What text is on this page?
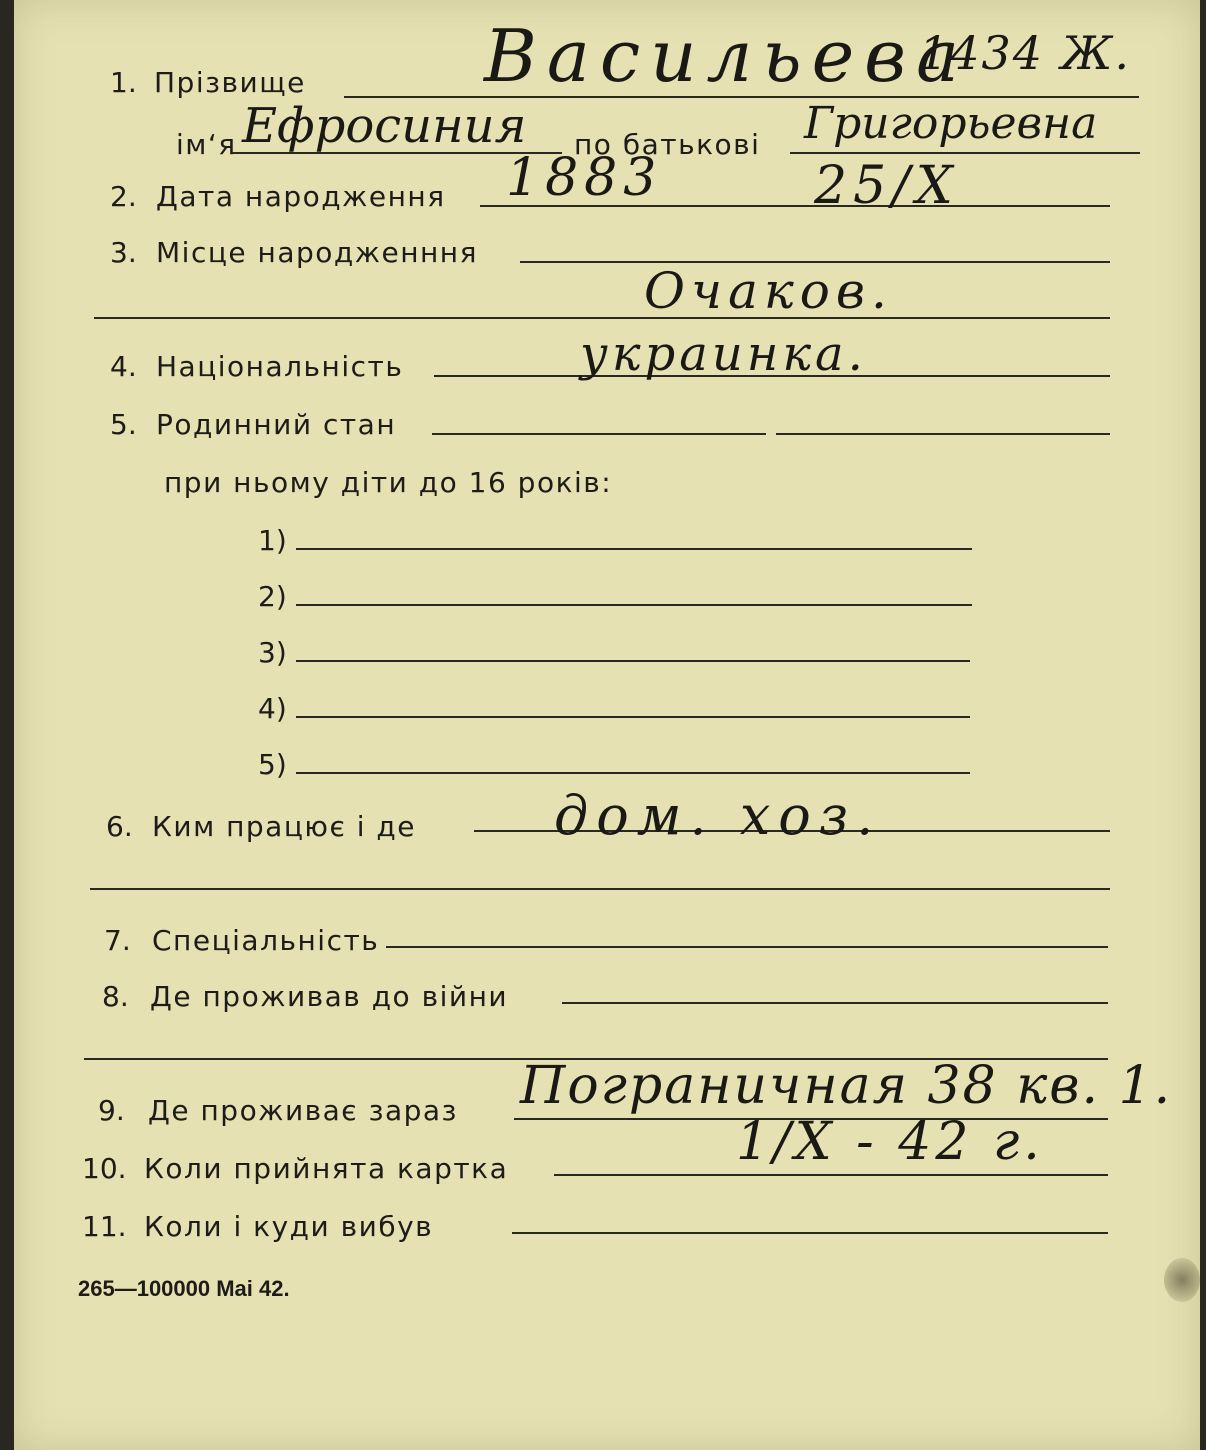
1. Прізвище Васильева
1434 Ж.
ім‘я Ефросиния по батькові Григорьевна
2. Дата народження 1883	25/X
3. Місце народженння
Очаков.
4. Національність	украинка.
5. Родинний стан
при ньому діти до 16 років:
1)
2)
3)
4)
5)
6. Ким працює і де	дом. хоз.
7. Спеціальність
8. Де проживав до війни
9. Де проживає зараз Пограничная 38 кв. 1.
10. Коли прийнята картка	1/X - 42 г.
11. Коли і куди вибув
265—100000 Mai 42.
